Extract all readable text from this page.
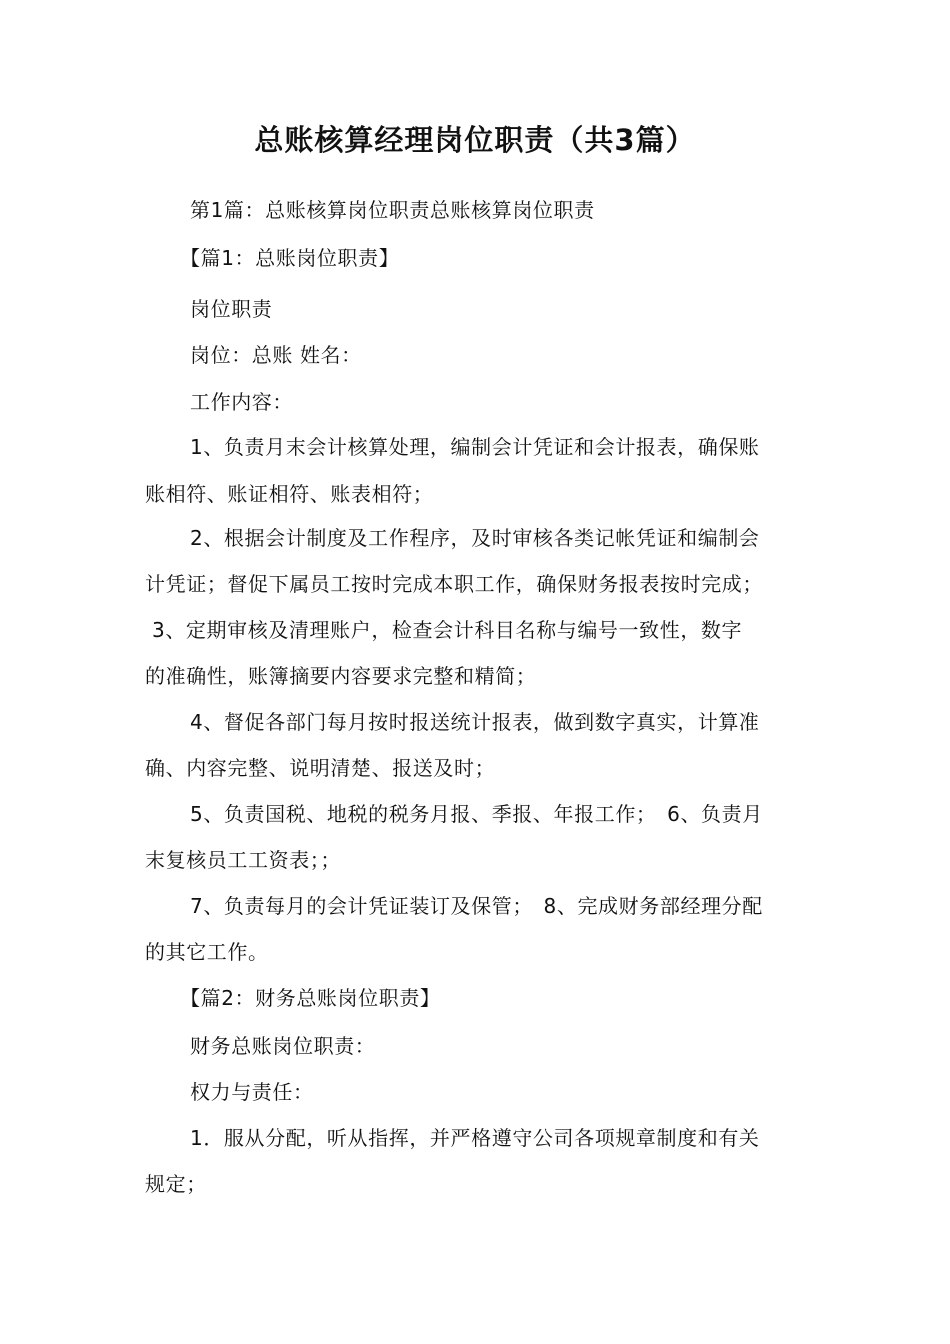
总账核算经理岗位职责（共3篇）
第1篇：总账核算岗位职责总账核算岗位职责
【篇1：总账岗位职责】
岗位职责
岗位：总账 姓名：
工作内容：
1、负责月末会计核算处理，编制会计凭证和会计报表，确保账
账相符、账证相符、账表相符；
2、根据会计制度及工作程序，及时审核各类记帐凭证和编制会
计凭证；督促下属员工按时完成本职工作，确保财务报表按时完成；
3、定期审核及清理账户，检查会计科目名称与编号一致性，数字
的准确性，账簿摘要内容要求完整和精简；
4、督促各部门每月按时报送统计报表，做到数字真实，计算准
确、内容完整、说明清楚、报送及时；
5、负责国税、地税的税务月报、季报、年报工作；　6、负责月
末复核员工工资表；；
7、负责每月的会计凭证装订及保管；　8、完成财务部经理分配
的其它工作。
【篇2：财务总账岗位职责】
财务总账岗位职责：
权力与责任：
1．服从分配，听从指挥，并严格遵守公司各项规章制度和有关
规定；
